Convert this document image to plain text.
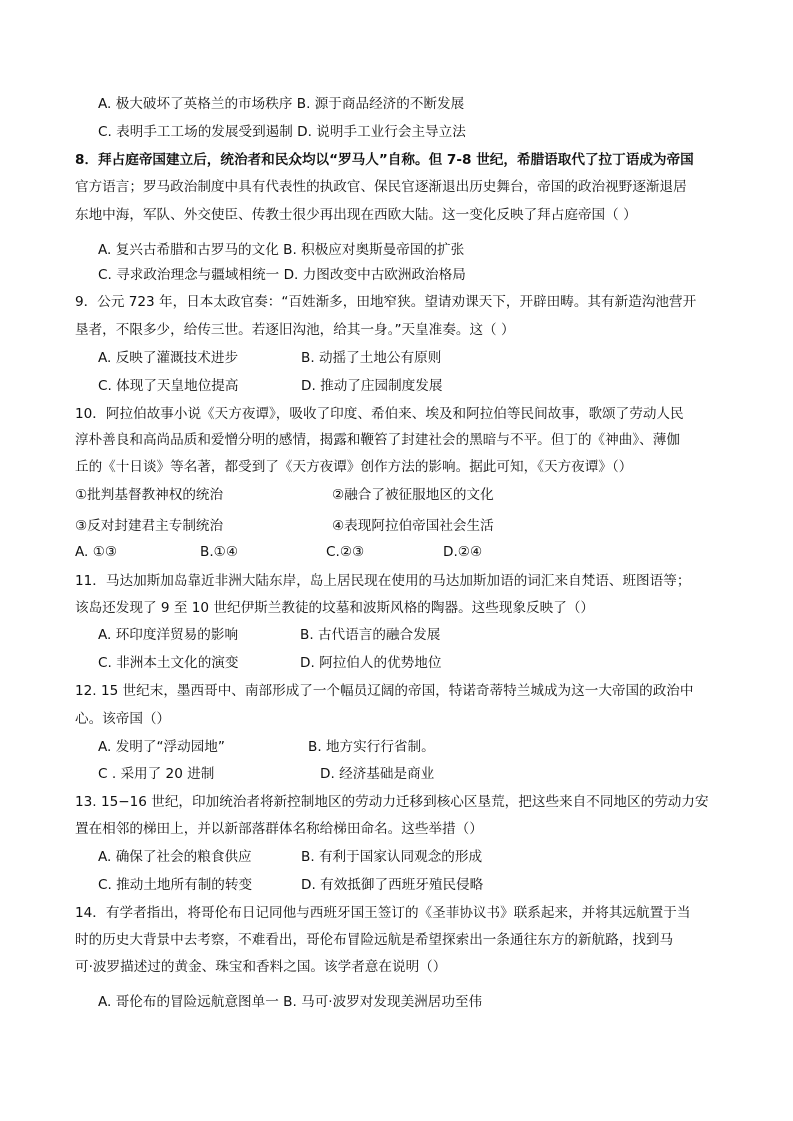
A. 极大破坏了英格兰的市场秩序 B. 源于商品经济的不断发展
C. 表明手工工场的发展受到遏制 D. 说明手工业行会主导立法
8．拜占庭帝国建立后，统治者和民众均以“罗马人”自称。但 7-8 世纪，希腊语取代了拉丁语成为帝国
官方语言；罗马政治制度中具有代表性的执政官、保民官逐渐退出历史舞台，帝国的政治视野逐渐退居
东地中海，军队、外交使臣、传教士很少再出现在西欧大陆。这一变化反映了拜占庭帝国（ ）
A. 复兴古希腊和古罗马的文化 B. 积极应对奥斯曼帝国的扩张
C. 寻求政治理念与疆域相统一 D. 力图改变中古欧洲政治格局
9．公元 723 年，日本太政官奏：“百姓渐多，田地窄狭。望请劝课天下，开辟田畴。其有新造沟池营开
垦者，不限多少，给传三世。若逐旧沟池，给其一身。”天皇准奏。这（ ）
A. 反映了灌溉技术进步	B. 动摇了土地公有原则
C. 体现了天皇地位提高	D. 推动了庄园制度发展
10．阿拉伯故事小说《天方夜谭》，吸收了印度、希伯来、埃及和阿拉伯等民间故事，歌颂了劳动人民
淳朴善良和高尚品质和爱憎分明的感情，揭露和鞭笞了封建社会的黑暗与不平。但丁的《神曲》、薄伽
丘的《十日谈》等名著，都受到了《天方夜谭》创作方法的影响。据此可知，《天方夜谭》（）
①批判基督教神权的统治	②融合了被征服地区的文化
③反对封建君主专制统治	④表现阿拉伯帝国社会生活
A. ①③	B.①④	C.②③	D.②④
11．马达加斯加岛靠近非洲大陆东岸，岛上居民现在使用的马达加斯加语的词汇来自梵语、班图语等；
该岛还发现了 9 至 10 世纪伊斯兰教徒的坟墓和波斯风格的陶器。这些现象反映了（）
A. 环印度洋贸易的影响	B. 古代语言的融合发展
C. 非洲本土文化的演变	D. 阿拉伯人的优势地位
12. 15 世纪末，墨西哥中、南部形成了一个幅员辽阔的帝国，特诺奇蒂特兰城成为这一大帝国的政治中
心。该帝国（）
A. 发明了“浮动园地”	B. 地方实行行省制。
C . 采用了 20 进制	D. 经济基础是商业
13. 15−16 世纪，印加统治者将新控制地区的劳动力迁移到核心区垦荒，把这些来自不同地区的劳动力安
置在相邻的梯田上，并以新部落群体名称给梯田命名。这些举措（）
A. 确保了社会的粮食供应	B. 有利于国家认同观念的形成
C. 推动土地所有制的转变	D. 有效抵御了西班牙殖民侵略
14．有学者指出，将哥伦布日记同他与西班牙国王签订的《圣菲协议书》联系起来，并将其远航置于当
时的历史大背景中去考察，不难看出，哥伦布冒险远航是希望探索出一条通往东方的新航路，找到马
可·波罗描述过的黄金、珠宝和香料之国。该学者意在说明（）
A. 哥伦布的冒险远航意图单一 B. 马可·波罗对发现美洲居功至伟
